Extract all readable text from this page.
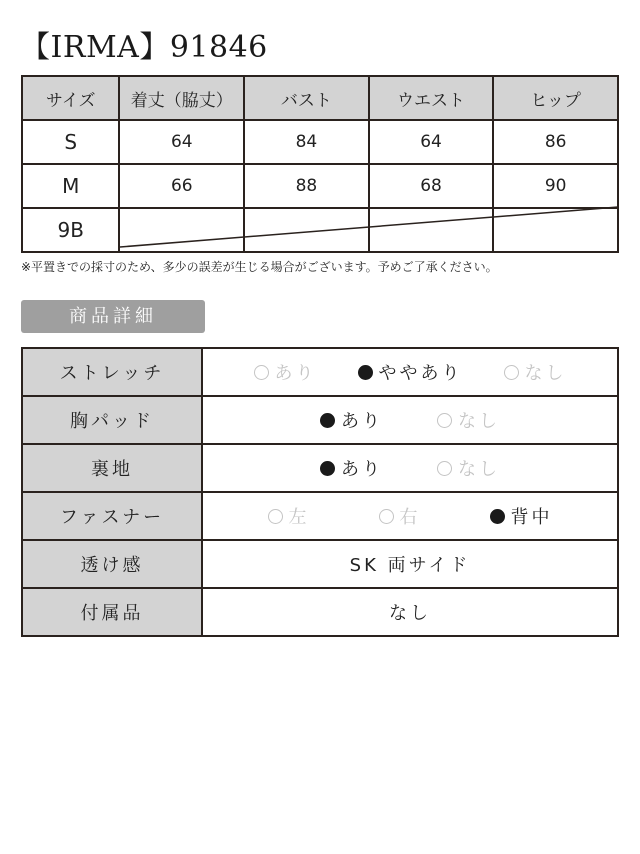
【IRMA】91846
サイズ	着丈（脇丈）	バスト	ウエスト	ヒップ
S	64	84	64	86
M	66	88	68	90
9B				
※平置きでの採寸のため、多少の誤差が生じる場合がございます。予めご了承ください。
商品詳細
ストレッチ	あり ややあり なし

胸パッド	あり なし

裏地	あり なし

ファスナー	左 右 背中

透け感	SK 両サイド
付属品	なし
